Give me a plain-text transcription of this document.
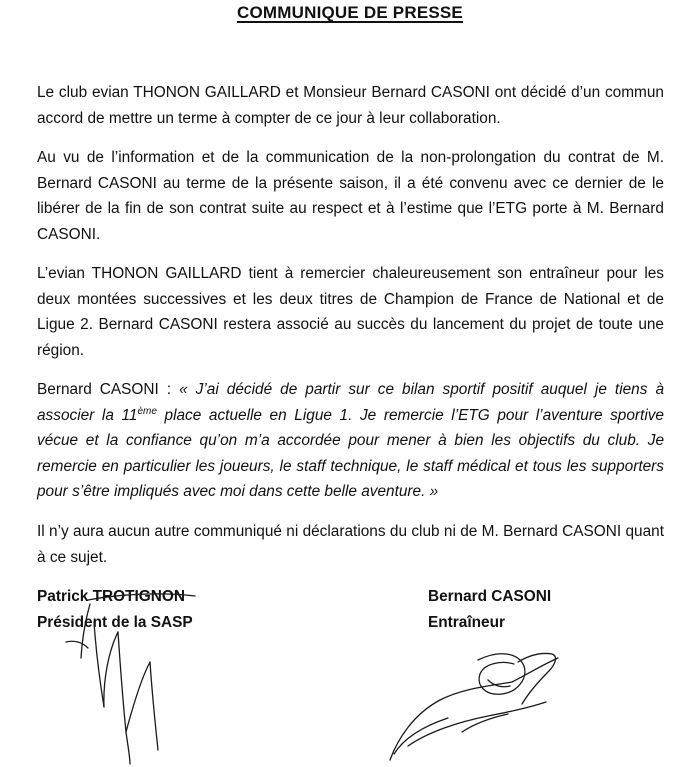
COMMUNIQUE DE PRESSE

Le club evian THONON GAILLARD et Monsieur Bernard CASONI ont décidé d’un commun accord de mettre un terme à compter de ce jour à leur collaboration.

Au vu de l’information et de la communication de la non-prolongation du contrat de M. Bernard CASONI au terme de la présente saison, il a été convenu avec ce dernier de le libérer de la fin de son contrat suite au respect et à l’estime que l’ETG porte à M. Bernard CASONI.

L’evian THONON GAILLARD tient à remercier chaleureusement son entraîneur pour les deux montées successives et les deux titres de Champion de France de National et de Ligue 2. Bernard CASONI restera associé au succès du lancement du projet de toute une région.

Bernard CASONI : « J’ai décidé de partir sur ce bilan sportif positif auquel je tiens à associer la 11ème place actuelle en Ligue 1. Je remercie l’ETG pour l’aventure sportive vécue et la confiance qu’on m’a accordée pour mener à bien les objectifs du club. Je remercie en particulier les joueurs, le staff technique, le staff médical et tous les supporters pour s’être impliqués avec moi dans cette belle aventure. »

Il n’y aura aucun autre communiqué ni déclarations du club ni de M. Bernard CASONI quant à ce sujet.

Patrick TROTIGNON
Président de la SASP
Bernard CASONI
Entraîneur
